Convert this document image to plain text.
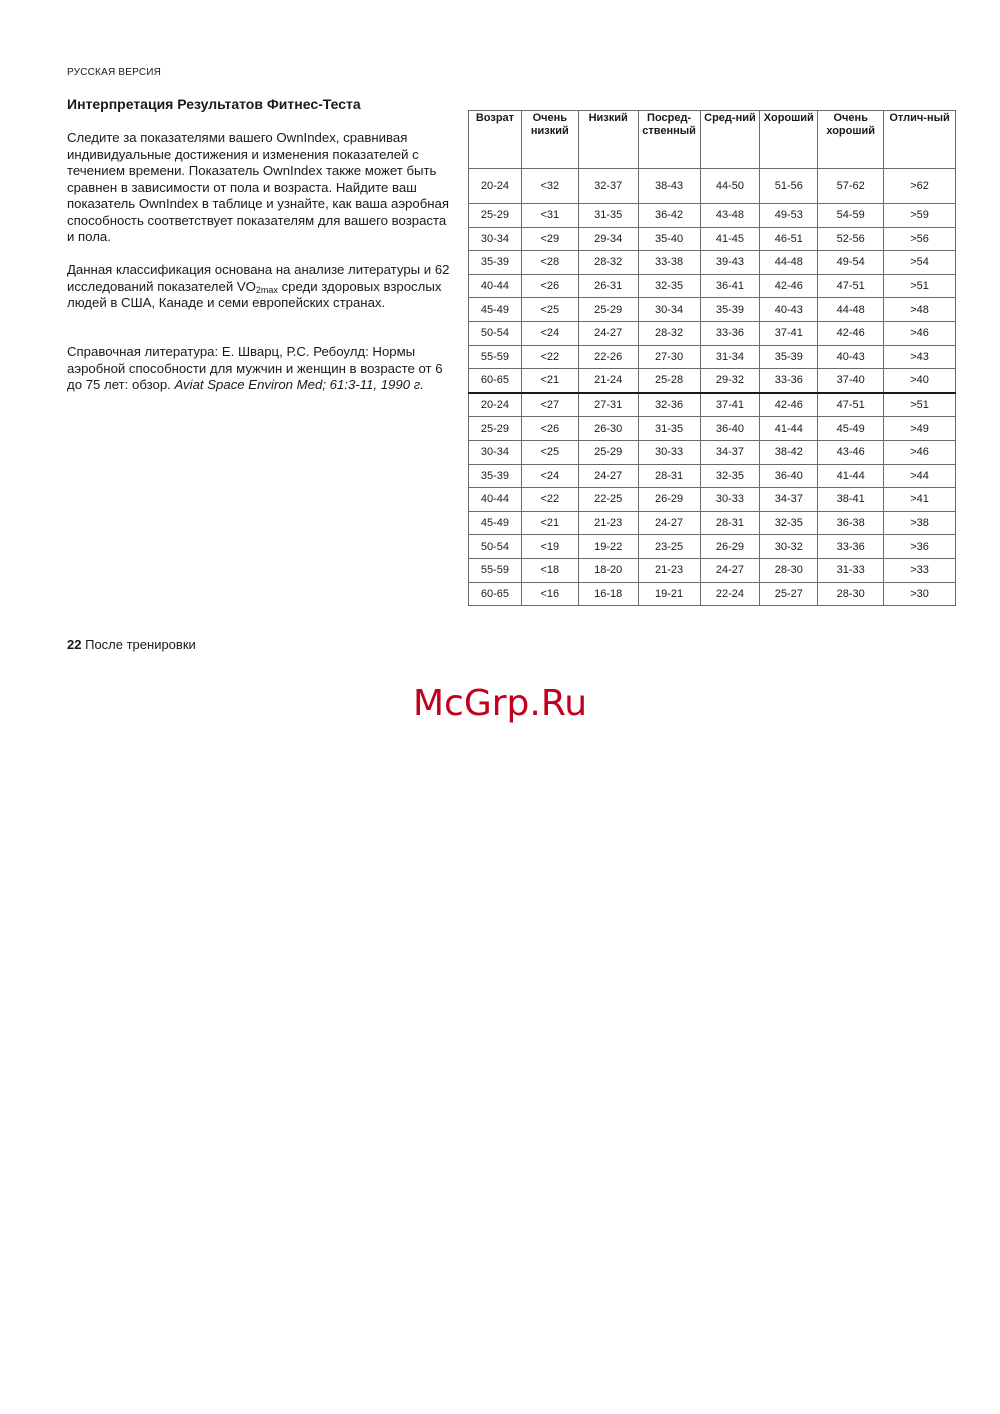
РУССКАЯ ВЕРСИЯ
Интерпретация Результатов Фитнес-Теста

Следите за показателями вашего OwnIndex, сравнивая индивидуальные достижения и изменения показателей с течением времени. Показатель OwnIndex также может быть сравнен в зависимости от пола и возраста. Найдите ваш показатель OwnIndex в таблице и узнайте, как ваша аэробная способность соответствует показателям для вашего возраста и пола.

Данная классификация основана на анализе литературы и 62 исследований показателей $VO_{2max}$ среди здоровых взрослых людей в США, Канаде и семи европейских странах.

Справочная литература: Е. Шварц, Р.С. Ребоулд: Нормы аэробной способности для мужчин и женщин в возрасте от 6 до 75 лет: обзор. Aviat Space Environ Med; 61:3-11, 1990 г.

Возрат	Очень низкий	Низкий	Посред-ственный	Сред-ний	Хороший	Очень хороший	Отлич-ный
20-24	<32	32-37	38-43	44-50	51-56	57-62	>62
25-29	<31	31-35	36-42	43-48	49-53	54-59	>59
30-34	<29	29-34	35-40	41-45	46-51	52-56	>56
35-39	<28	28-32	33-38	39-43	44-48	49-54	>54
40-44	<26	26-31	32-35	36-41	42-46	47-51	>51
45-49	<25	25-29	30-34	35-39	40-43	44-48	>48
50-54	<24	24-27	28-32	33-36	37-41	42-46	>46
55-59	<22	22-26	27-30	31-34	35-39	40-43	>43
60-65	<21	21-24	25-28	29-32	33-36	37-40	>40
20-24	<27	27-31	32-36	37-41	42-46	47-51	>51
25-29	<26	26-30	31-35	36-40	41-44	45-49	>49
30-34	<25	25-29	30-33	34-37	38-42	43-46	>46
35-39	<24	24-27	28-31	32-35	36-40	41-44	>44
40-44	<22	22-25	26-29	30-33	34-37	38-41	>41
45-49	<21	21-23	24-27	28-31	32-35	36-38	>38
50-54	<19	19-22	23-25	26-29	30-32	33-36	>36
55-59	<18	18-20	21-23	24-27	28-30	31-33	>33
60-65	<16	16-18	19-21	22-24	25-27	28-30	>30
22 После тренировки
McGrp.Ru
